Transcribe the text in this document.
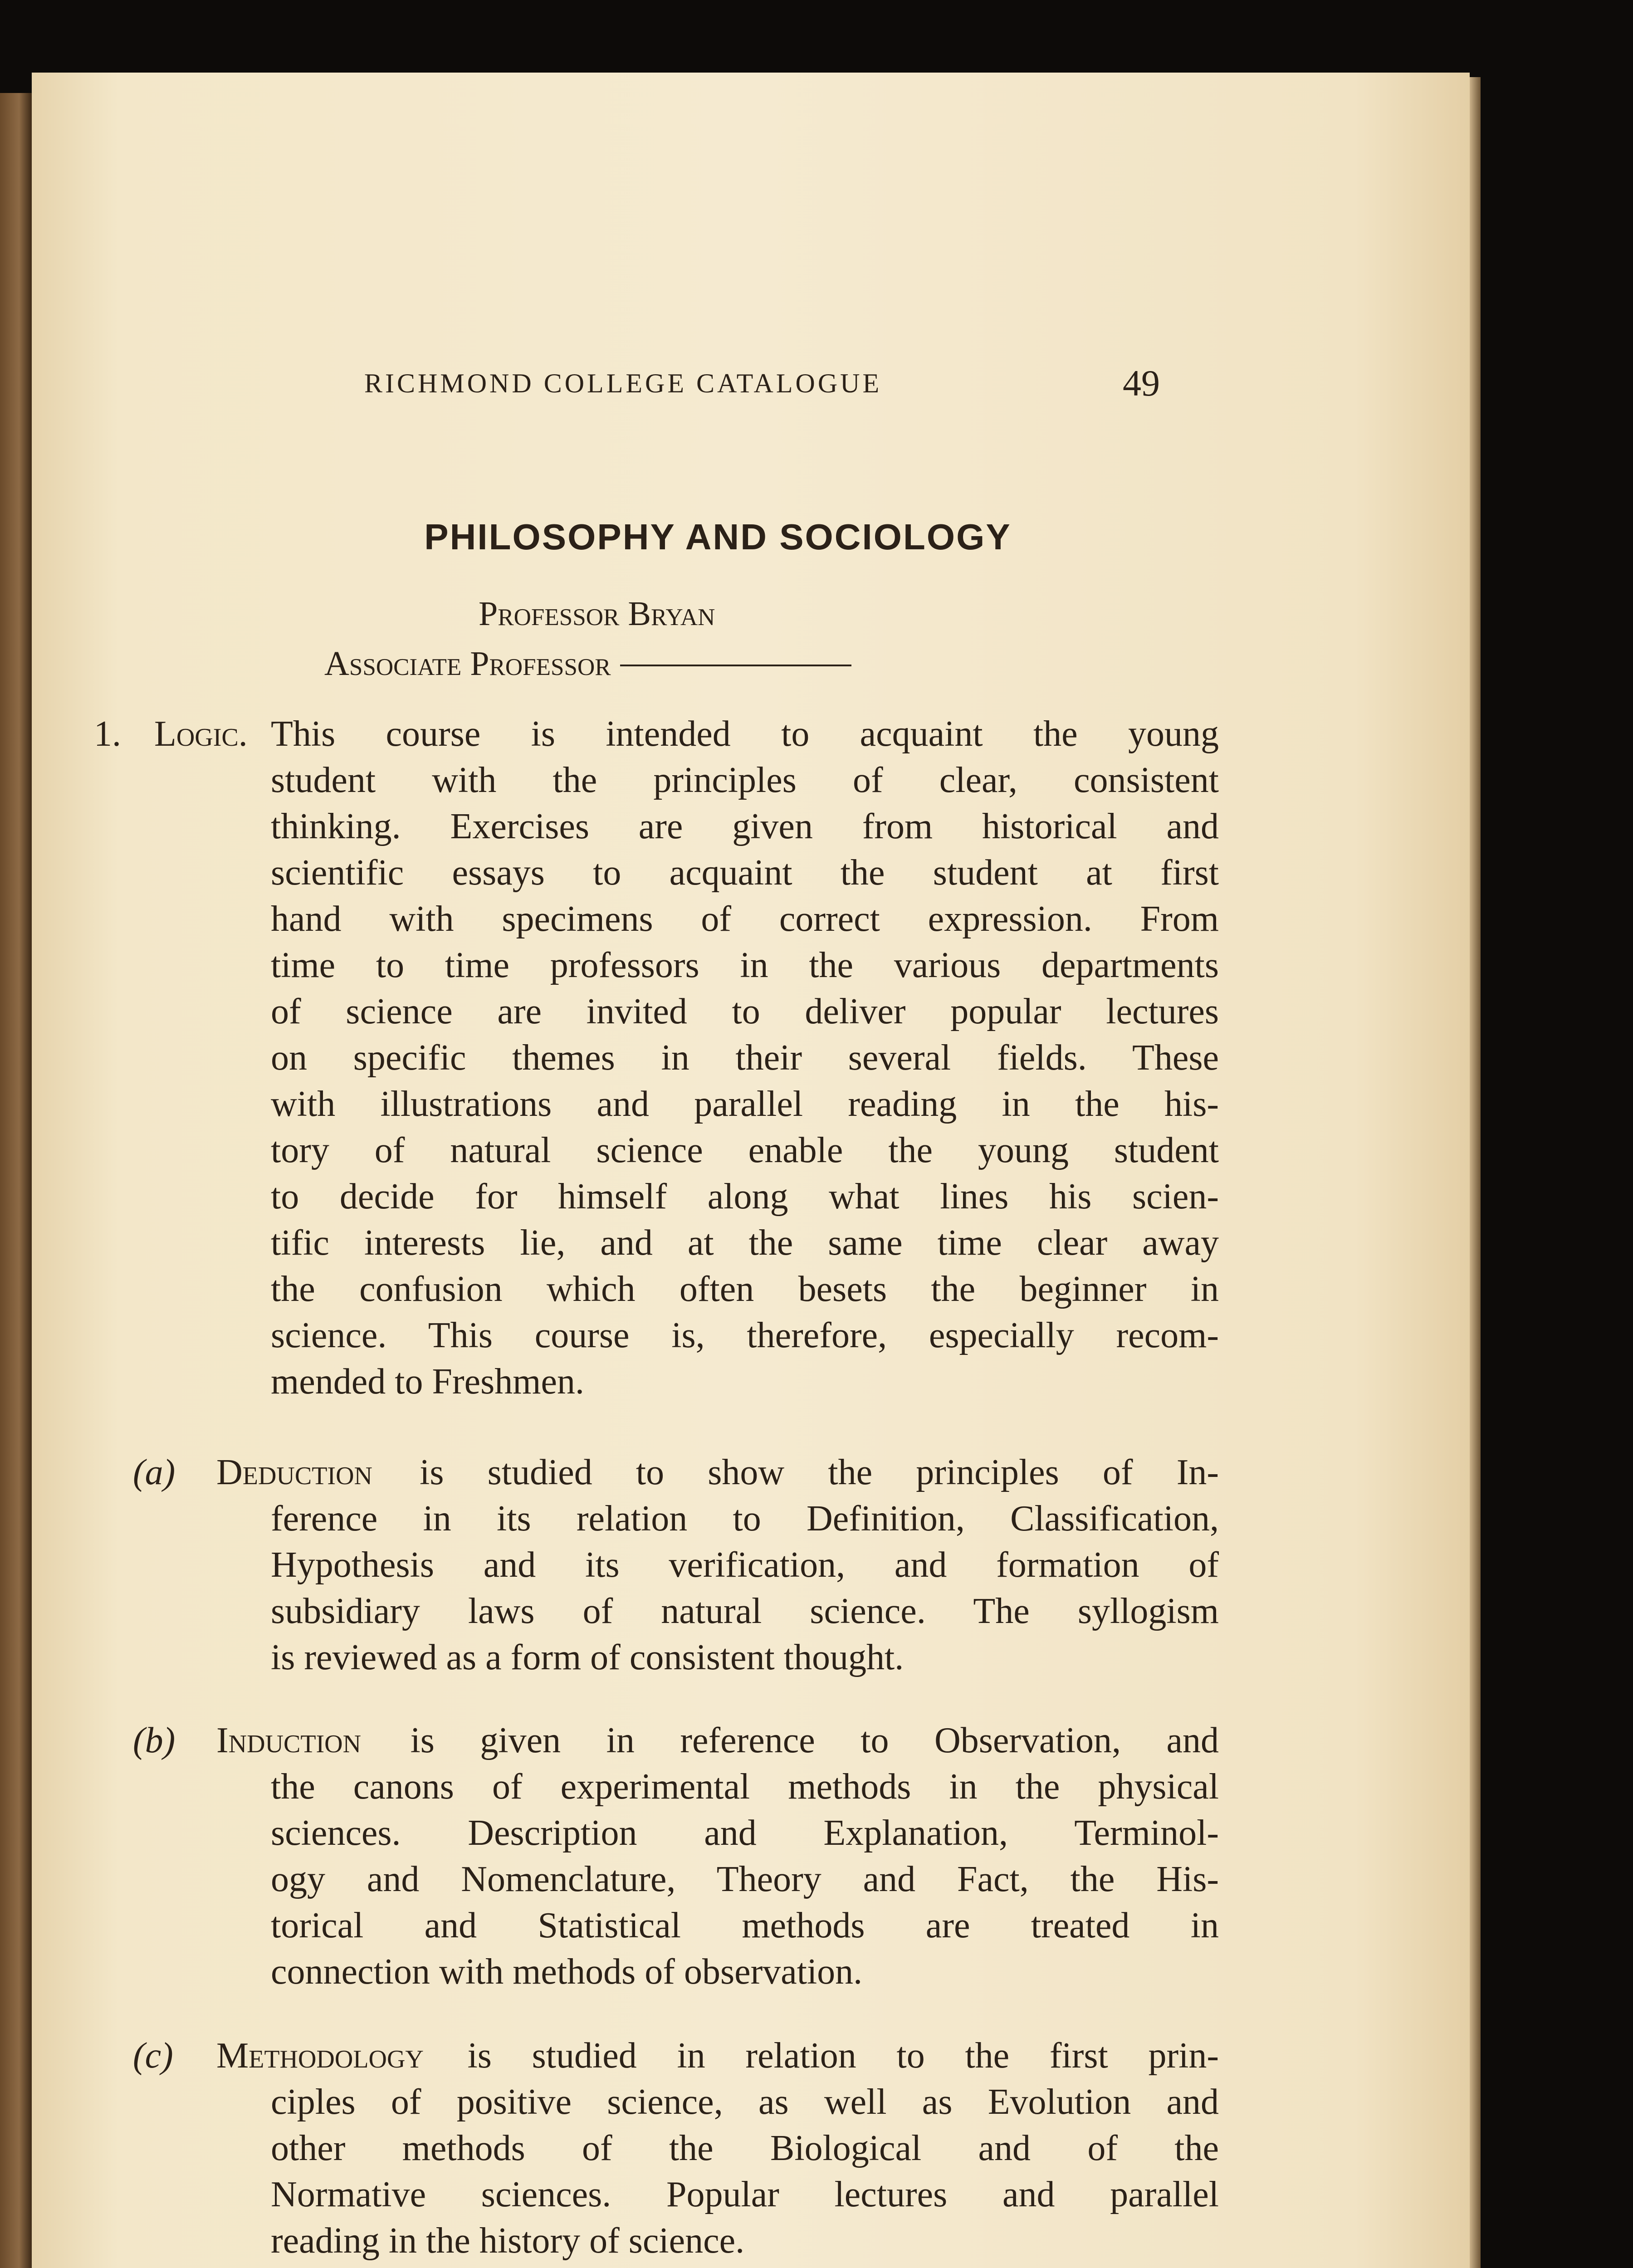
RICHMOND COLLEGE CATALOGUE	49
PHILOSOPHY AND SOCIOLOGY
Professor Bryan
Associate Professor
1. Logic. This course is intended to acquaint the young
student with the principles of clear, consistent
thinking. Exercises are given from historical and
scientific essays to acquaint the student at first
hand with specimens of correct expression. From
time to time professors in the various departments
of science are invited to deliver popular lectures
on specific themes in their several fields. These
with illustrations and parallel reading in the his-
tory of natural science enable the young student
to decide for himself along what lines his scien-
tific interests lie, and at the same time clear away
the confusion which often besets the beginner in
science. This course is, therefore, especially recom-
mended to Freshmen.
(a) Deduction is studied to show the principles of In-
ference in its relation to Definition, Classification,
Hypothesis and its verification, and formation of
subsidiary laws of natural science. The syllogism
is reviewed as a form of consistent thought.
(b) Induction is given in reference to Observation, and
the canons of experimental methods in the physical
sciences. Description and Explanation, Terminol-
ogy and Nomenclature, Theory and Fact, the His-
torical and Statistical methods are treated in
connection with methods of observation.
(c) Methodology is studied in relation to the first prin-
ciples of positive science, as well as Evolution and
other methods of the Biological and of the
Normative sciences. Popular lectures and parallel
reading in the history of science.
